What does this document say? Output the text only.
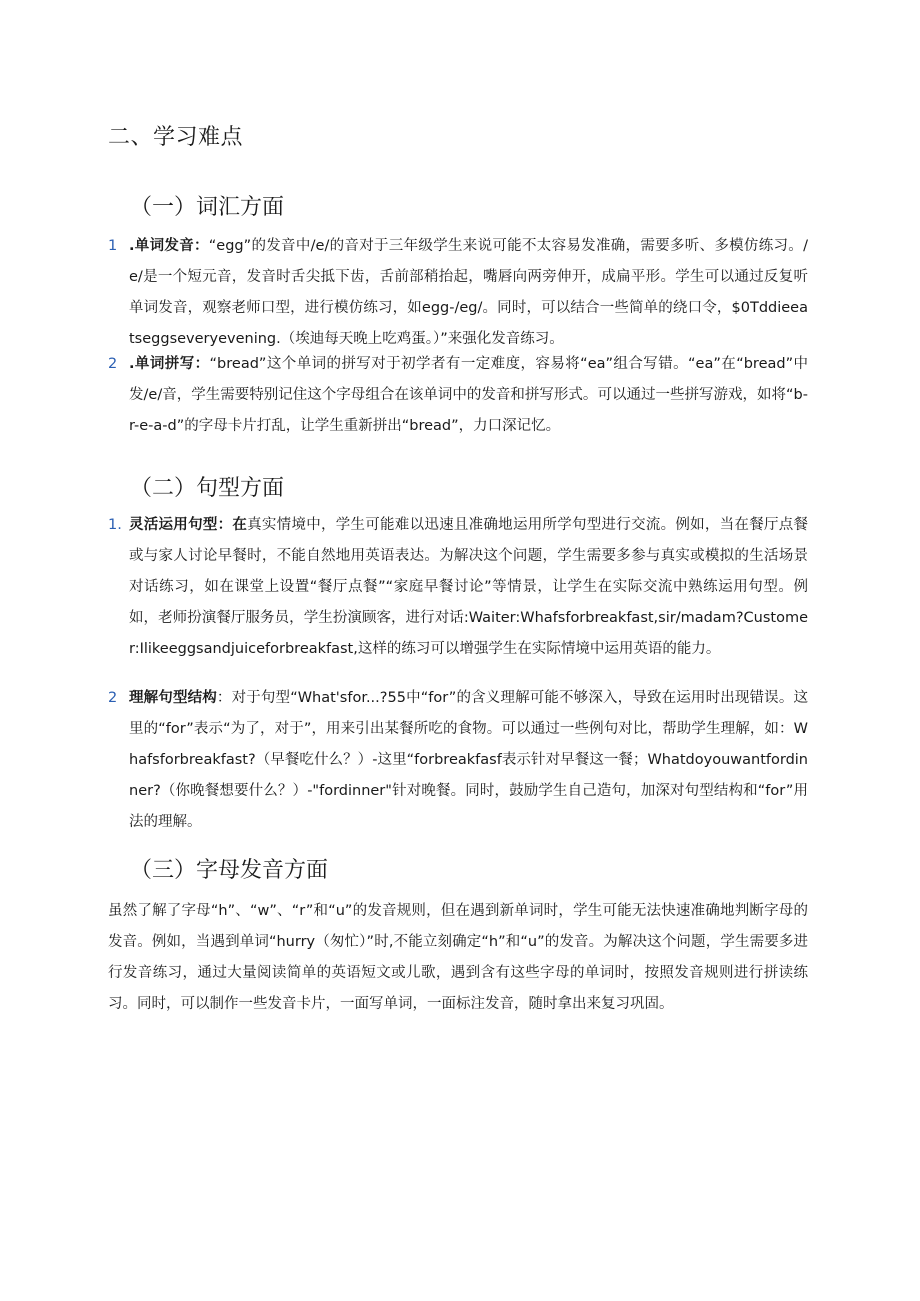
二、学习难点
（一）词汇方面
1 .单词发音：“egg”的发音中/e/的音对于三年级学生来说可能不太容易发准确，需要多听、多模仿练习。/e/是一个短元音，发音时舌尖抵下齿，舌前部稍抬起，嘴唇向两旁伸开，成扁平形。学生可以通过反复听单词发音，观察老师口型，进行模仿练习，如egg-/eg/。同时，可以结合一些简单的绕口令，$0Tddieeatseggseveryevening.（埃迪每天晚上吃鸡蛋。）”来强化发音练习。
2 .单词拼写：“bread”这个单词的拼写对于初学者有一定难度，容易将“ea”组合写错。“ea”在“bread”中发/e/音，学生需要特别记住这个字母组合在该单词中的发音和拼写形式。可以通过一些拼写游戏，如将“b-r-e-a-d”的字母卡片打乱，让学生重新拼出“bread”，力口深记忆。
（二）句型方面
1. 灵活运用句型：在真实情境中，学生可能难以迅速且准确地运用所学句型进行交流。例如，当在餐厅点餐或与家人讨论早餐时，不能自然地用英语表达。为解决这个问题，学生需要多参与真实或模拟的生活场景对话练习，如在课堂上设置“餐厅点餐”“家庭早餐讨论”等情景，让学生在实际交流中熟练运用句型。例如，老师扮演餐厅服务员，学生扮演顾客，进行对话:Waiter:Whafsforbreakfast,sir/madam?Customer:Ilikeeggsandjuiceforbreakfast,这样的练习可以增强学生在实际情境中运用英语的能力。
2 理解句型结构：对于句型“What'sfor...?55中“for”的含义理解可能不够深入，导致在运用时出现错误。这里的“for”表示“为了，对于”，用来引出某餐所吃的食物。可以通过一些例句对比，帮助学生理解，如：Whafsforbreakfast?（早餐吃什么？）-这里“forbreakfasf表示针对早餐这一餐；Whatdoyouwantfordinner?（你晚餐想要什么？）-"fordinner"针对晚餐。同时，鼓励学生自己造句，加深对句型结构和“for”用法的理解。
（三）字母发音方面

虽然了解了字母“h”、“w”、“r”和“u”的发音规则，但在遇到新单词时，学生可能无法快速准确地判断字母的发音。例如，当遇到单词“hurry（匆忙）”时,不能立刻确定“h”和“u”的发音。为解决这个问题，学生需要多进行发音练习，通过大量阅读简单的英语短文或儿歌，遇到含有这些字母的单词时，按照发音规则进行拼读练习。同时，可以制作一些发音卡片，一面写单词，一面标注发音，随时拿出来复习巩固。
